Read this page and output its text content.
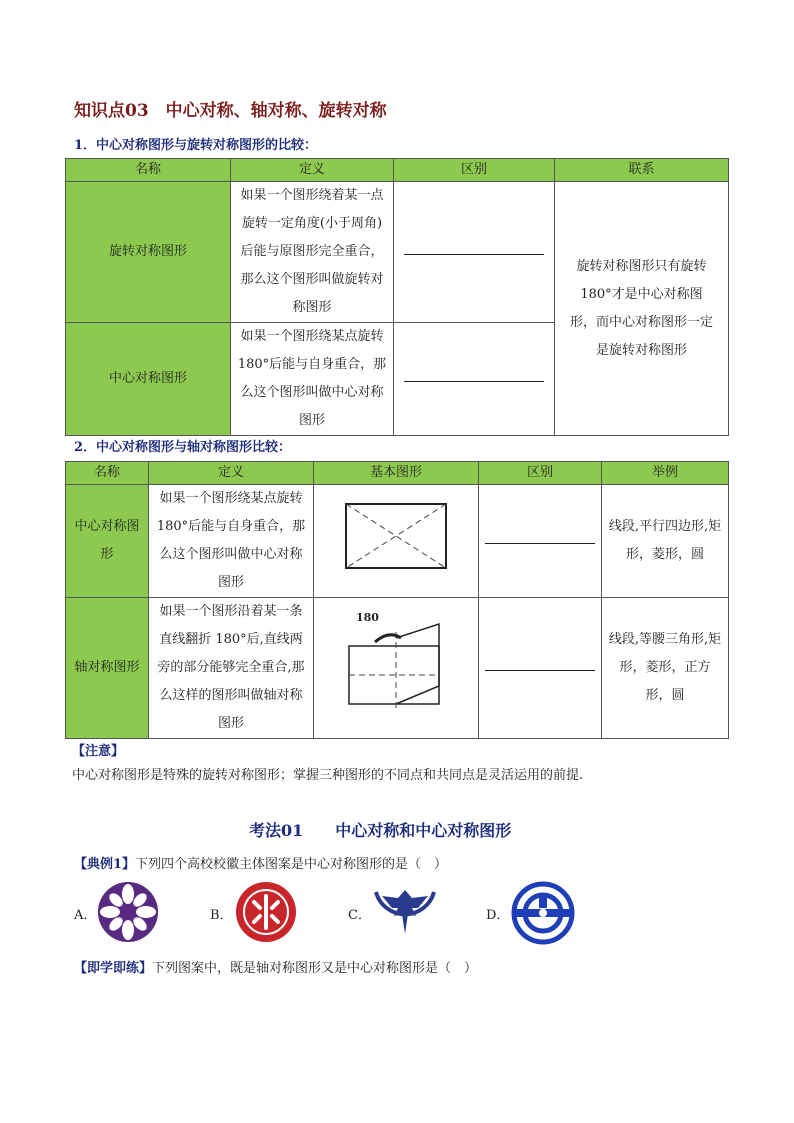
知识点03　中心对称、轴对称、旋转对称
1．中心对称图形与旋转对称图形的比较：
名称	定义	区别	联系
旋转对称图形	如果一个图形绕着某一点旋转一定角度(小于周角)后能与原图形完全重合，那么这个图形叫做旋转对称图形		旋转对称图形只有旋转180°才是中心对称图形，而中心对称图形一定是旋转对称图形
中心对称图形	如果一个图形绕某点旋转 180°后能与自身重合，那么这个图形叫做中心对称图形		
2．中心对称图形与轴对称图形比较：
名称	定义	基本图形	区别	举例
中心对称图形	如果一个图形绕某点旋转 180°后能与自身重合，那么这个图形叫做中心对称图形			线段,平行四边形,矩形，菱形，圆
轴对称图形	如果一个图形沿着某一条直线翻折 180°后,直线两旁的部分能够完全重合,那么这样的图形叫做轴对称图形	180		线段,等腰三角形,矩形，菱形，正方形，圆
【注意】
中心对称图形是特殊的旋转对称图形；掌握三种图形的不同点和共同点是灵活运用的前提.
考法01　　中心对称和中心对称图形
【典例1】下列四个高校校徽主体图案是中心对称图形的是（　）
A．	B．	C．	D．
【即学即练】下列图案中，既是轴对称图形又是中心对称图形是（　）
